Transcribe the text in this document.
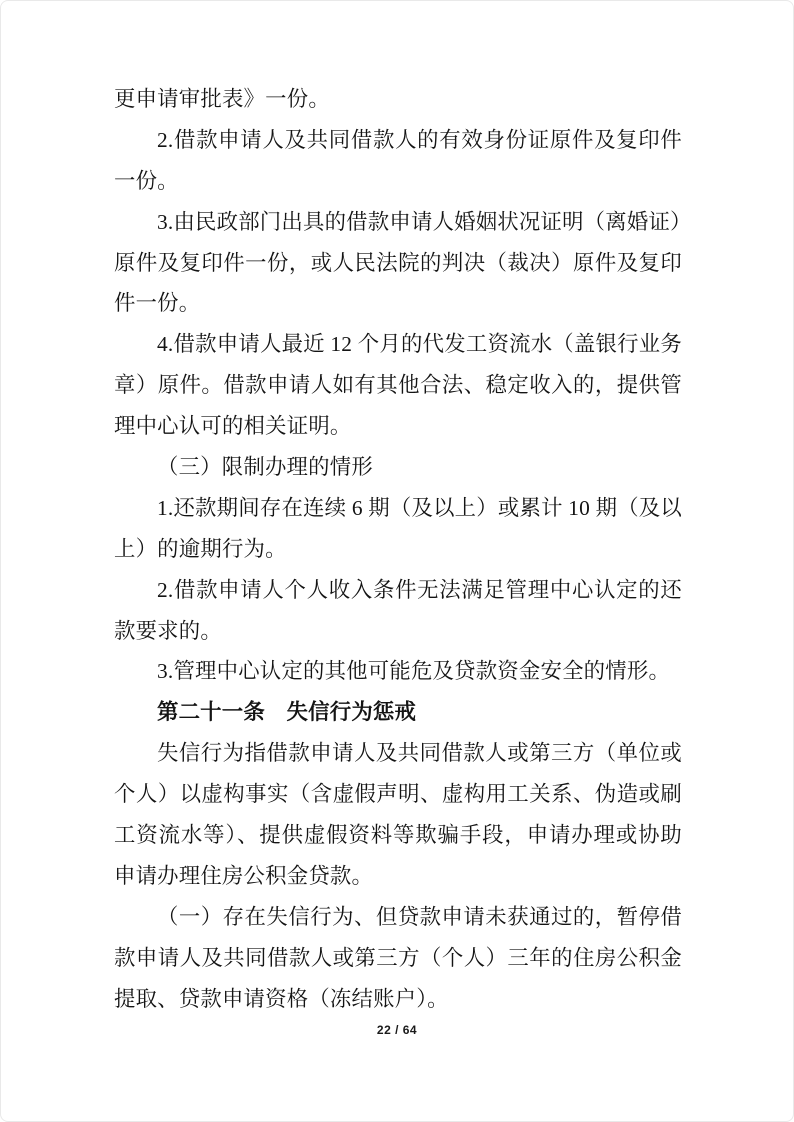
更申请审批表》一份。
2.借款申请人及共同借款人的有效身份证原件及复印件
一份。
3.由民政部门出具的借款申请人婚姻状况证明（离婚证）
原件及复印件一份，或人民法院的判决（裁决）原件及复印
件一份。
4.借款申请人最近 12 个月的代发工资流水（盖银行业务
章）原件。借款申请人如有其他合法、稳定收入的，提供管
理中心认可的相关证明。
（三）限制办理的情形
1.还款期间存在连续 6 期（及以上）或累计 10 期（及以
上）的逾期行为。
2.借款申请人个人收入条件无法满足管理中心认定的还
款要求的。
3.管理中心认定的其他可能危及贷款资金安全的情形。
第二十一条　失信行为惩戒
失信行为指借款申请人及共同借款人或第三方（单位或
个人）以虚构事实（含虚假声明、虚构用工关系、伪造或刷
工资流水等）、提供虚假资料等欺骗手段，申请办理或协助
申请办理住房公积金贷款。
（一）存在失信行为、但贷款申请未获通过的，暂停借
款申请人及共同借款人或第三方（个人）三年的住房公积金
提取、贷款申请资格（冻结账户）。
22 / 64
